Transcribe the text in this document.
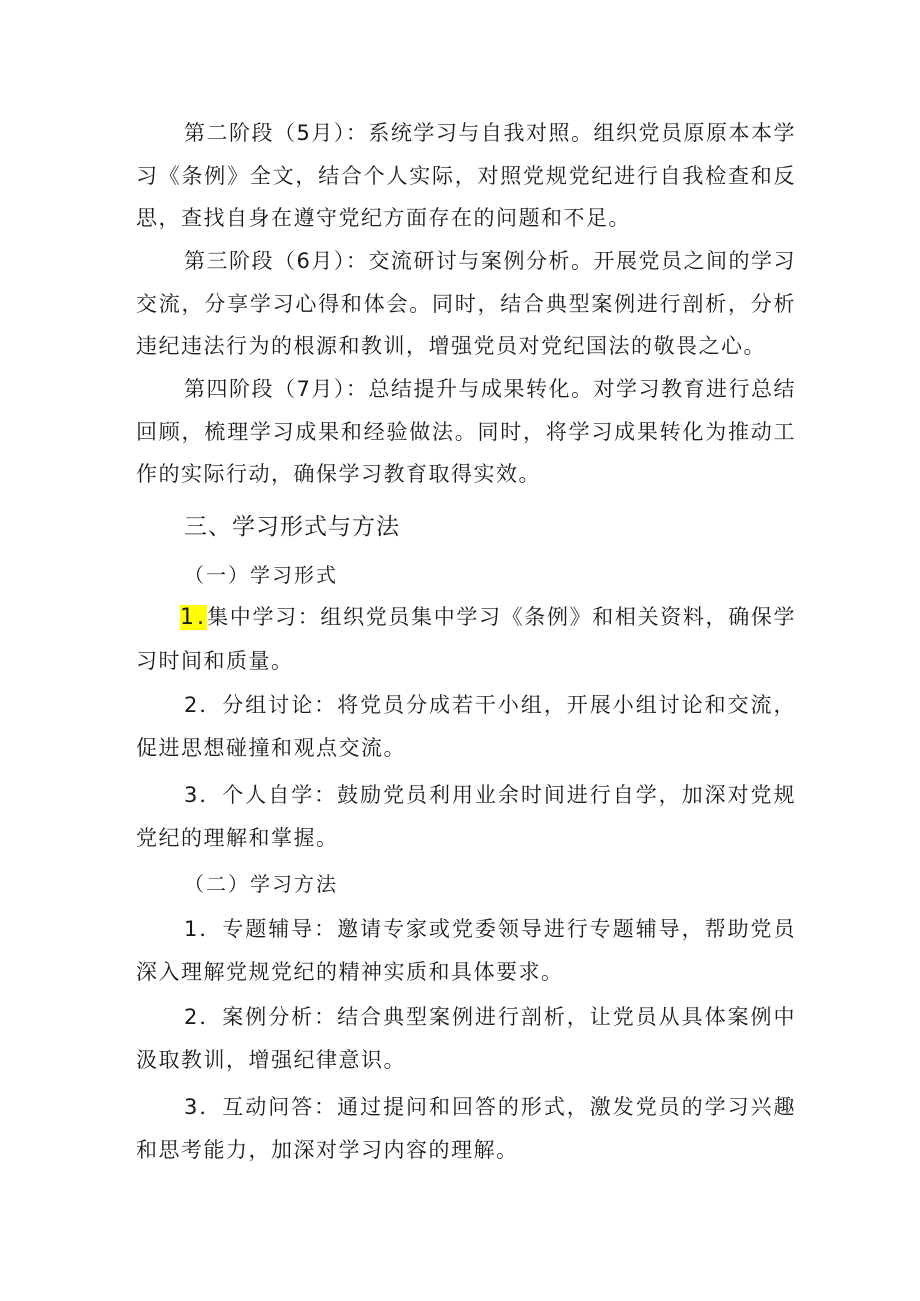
第二阶段（5月）：系统学习与自我对照。组织党员原原本本学习《条例》全文，结合个人实际，对照党规党纪进行自我检查和反思，查找自身在遵守党纪方面存在的问题和不足。

第三阶段（6月）：交流研讨与案例分析。开展党员之间的学习交流，分享学习心得和体会。同时，结合典型案例进行剖析，分析违纪违法行为的根源和教训，增强党员对党纪国法的敬畏之心。

第四阶段（7月）：总结提升与成果转化。对学习教育进行总结回顾，梳理学习成果和经验做法。同时，将学习成果转化为推动工作的实际行动，确保学习教育取得实效。

三、学习形式与方法
（一）学习形式

1.集中学习：组织党员集中学习《条例》和相关资料，确保学习时间和质量。

2．分组讨论：将党员分成若干小组，开展小组讨论和交流，促进思想碰撞和观点交流。

3．个人自学：鼓励党员利用业余时间进行自学，加深对党规党纪的理解和掌握。

（二）学习方法

1．专题辅导：邀请专家或党委领导进行专题辅导，帮助党员深入理解党规党纪的精神实质和具体要求。

2．案例分析：结合典型案例进行剖析，让党员从具体案例中汲取教训，增强纪律意识。

3．互动问答：通过提问和回答的形式，激发党员的学习兴趣和思考能力，加深对学习内容的理解。
